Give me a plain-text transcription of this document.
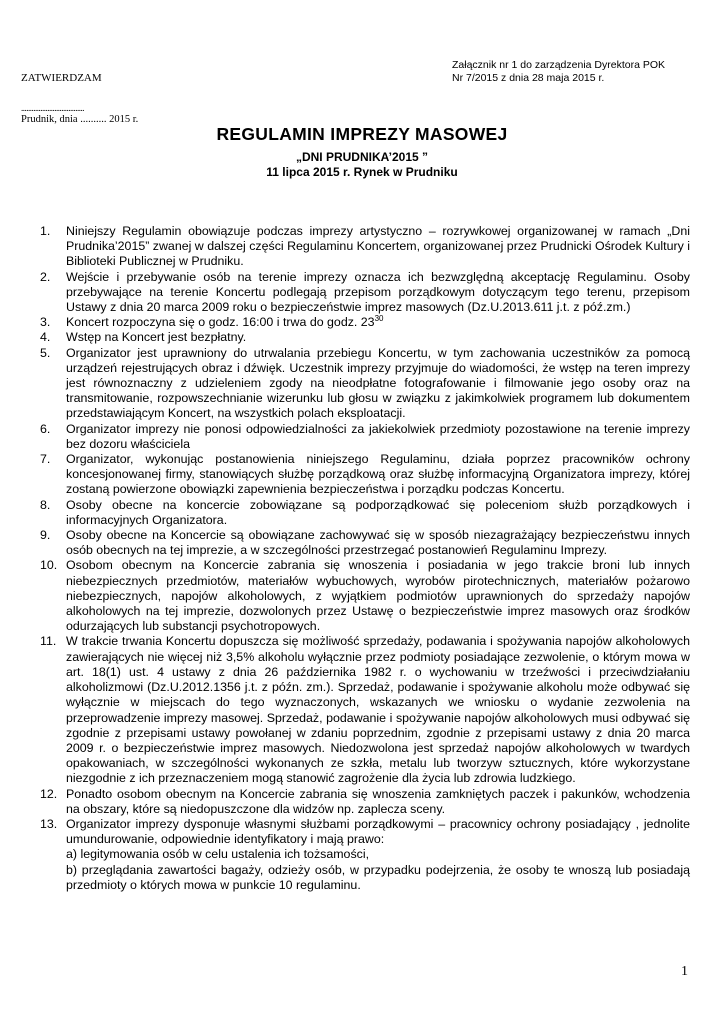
Załącznik nr 1 do zarządzenia Dyrektora POK
Nr 7/2015 z dnia 28 maja 2015 r.
ZATWIERDZAM
....................................
Prudnik, dnia .......... 2015 r.
REGULAMIN IMPREZY MASOWEJ
„DNI PRUDNIKA’2015 ”
11 lipca 2015 r. Rynek w Prudniku
1. Niniejszy Regulamin obowiązuje podczas imprezy artystyczno – rozrywkowej organizowanej w ramach „Dni Prudnika’2015” zwanej w dalszej części Regulaminu Koncertem, organizowanej przez Prudnicki Ośrodek Kultury i Biblioteki Publicznej w Prudniku.
2. Wejście i przebywanie osób na terenie imprezy oznacza ich bezwzględną akceptację Regulaminu. Osoby przebywające na terenie Koncertu podlegają przepisom porządkowym dotyczącym tego terenu, przepisom Ustawy z dnia 20 marca 2009 roku o bezpieczeństwie imprez masowych (Dz.U.2013.611 j.t. z póź.zm.)
3. Koncert rozpoczyna się o godz. 16:00 i trwa do godz. $23^{30}$
4. Wstęp na Koncert jest bezpłatny.
5. Organizator jest uprawniony do utrwalania przebiegu Koncertu, w tym zachowania uczestników za pomocą urządzeń rejestrujących obraz i dźwięk. Uczestnik imprezy przyjmuje do wiadomości, że wstęp na teren imprezy jest równoznaczny z udzieleniem zgody na nieodpłatne fotografowanie i filmowanie jego osoby oraz na transmitowanie, rozpowszechnianie wizerunku lub głosu w związku z jakimkolwiek programem lub dokumentem przedstawiającym Koncert, na wszystkich polach eksploatacji.
6. Organizator imprezy nie ponosi odpowiedzialności za jakiekolwiek przedmioty pozostawione na terenie imprezy bez dozoru właściciela
7. Organizator, wykonując postanowienia niniejszego Regulaminu, działa poprzez pracowników ochrony koncesjonowanej firmy, stanowiących służbę porządkową oraz służbę informacyjną Organizatora imprezy, której zostaną powierzone obowiązki zapewnienia bezpieczeństwa i porządku podczas Koncertu.
8. Osoby obecne na koncercie zobowiązane są podporządkować się poleceniom służb porządkowych i informacyjnych Organizatora.
9. Osoby obecne na Koncercie są obowiązane zachowywać się w sposób niezagrażający bezpieczeństwu innych osób obecnych na tej imprezie, a w szczególności przestrzegać postanowień Regulaminu Imprezy.
10. Osobom obecnym na Koncercie zabrania się wnoszenia i posiadania w jego trakcie broni lub innych niebezpiecznych przedmiotów, materiałów wybuchowych, wyrobów pirotechnicznych, materiałów pożarowo niebezpiecznych, napojów alkoholowych, z wyjątkiem podmiotów uprawnionych do sprzedaży napojów alkoholowych na tej imprezie, dozwolonych przez Ustawę o bezpieczeństwie imprez masowych oraz środków odurzających lub substancji psychotropowych.
11. W trakcie trwania Koncertu dopuszcza się możliwość sprzedaży, podawania i spożywania napojów alkoholowych zawierających nie więcej niż 3,5% alkoholu wyłącznie przez podmioty posiadające zezwolenie, o którym mowa w art. 18(1) ust. 4 ustawy z dnia 26 października 1982 r. o wychowaniu w trzeźwości i przeciwdziałaniu alkoholizmowi (Dz.U.2012.1356 j.t. z późn. zm.). Sprzedaż, podawanie i spożywanie alkoholu może odbywać się wyłącznie w miejscach do tego wyznaczonych, wskazanych we wniosku o wydanie zezwolenia na przeprowadzenie imprezy masowej. Sprzedaż, podawanie i spożywanie napojów alkoholowych musi odbywać się zgodnie z przepisami ustawy powołanej w zdaniu poprzednim, zgodnie z przepisami ustawy z dnia 20 marca 2009 r. o bezpieczeństwie imprez masowych. Niedozwolona jest sprzedaż napojów alkoholowych w twardych opakowaniach, w szczególności wykonanych ze szkła, metalu lub tworzyw sztucznych, które wykorzystane niezgodnie z ich przeznaczeniem mogą stanowić zagrożenie dla życia lub zdrowia ludzkiego.
12. Ponadto osobom obecnym na Koncercie zabrania się wnoszenia zamkniętych paczek i pakunków, wchodzenia na obszary, które są niedopuszczone dla widzów np. zaplecza sceny.
13. Organizator imprezy dysponuje własnymi służbami porządkowymi – pracownicy ochrony posiadający , jednolite umundurowanie, odpowiednie identyfikatory i mają prawo:
a) legitymowania osób w celu ustalenia ich tożsamości,
b) przeglądania zawartości bagaży, odzieży osób, w przypadku podejrzenia, że osoby te wnoszą lub posiadają przedmioty o których mowa w punkcie 10 regulaminu.
1
